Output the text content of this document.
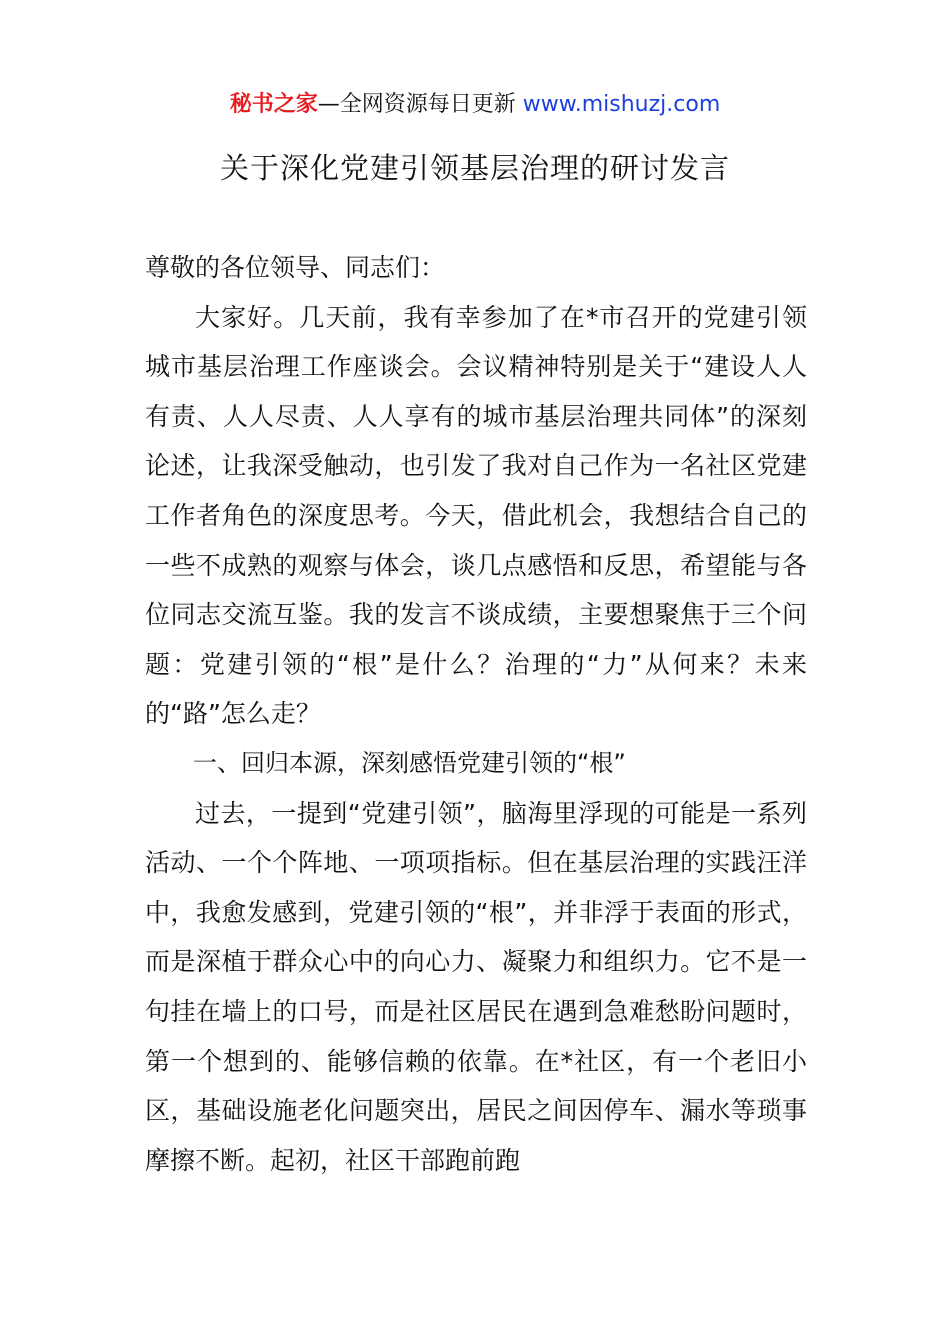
秘书之家—全网资源每日更新 www.mishuzj.com
关于深化党建引领基层治理的研讨发言

尊敬的各位领导、同志们：

大家好。几天前，我有幸参加了在*市召开的党建引领城市基层治理工作座谈会。会议精神特别是关于“建设人人有责、人人尽责、人人享有的城市基层治理共同体”的深刻论述，让我深受触动，也引发了我对自己作为一名社区党建工作者角色的深度思考。今天，借此机会，我想结合自己的一些不成熟的观察与体会，谈几点感悟和反思，希望能与各位同志交流互鉴。我的发言不谈成绩，主要想聚焦于三个问题：党建引领的“根”是什么？治理的“力”从何来？未来的“路”怎么走？

一、回归本源，深刻感悟党建引领的“根”

过去，一提到“党建引领”，脑海里浮现的可能是一系列活动、一个个阵地、一项项指标。但在基层治理的实践汪洋中，我愈发感到，党建引领的“根”，并非浮于表面的形式，而是深植于群众心中的向心力、凝聚力和组织力。它不是一句挂在墙上的口号，而是社区居民在遇到急难愁盼问题时，第一个想到的、能够信赖的依靠。在*社区，有一个老旧小区，基础设施老化问题突出，居民之间因停车、漏水等琐事摩擦不断。起初，社区干部跑前跑
